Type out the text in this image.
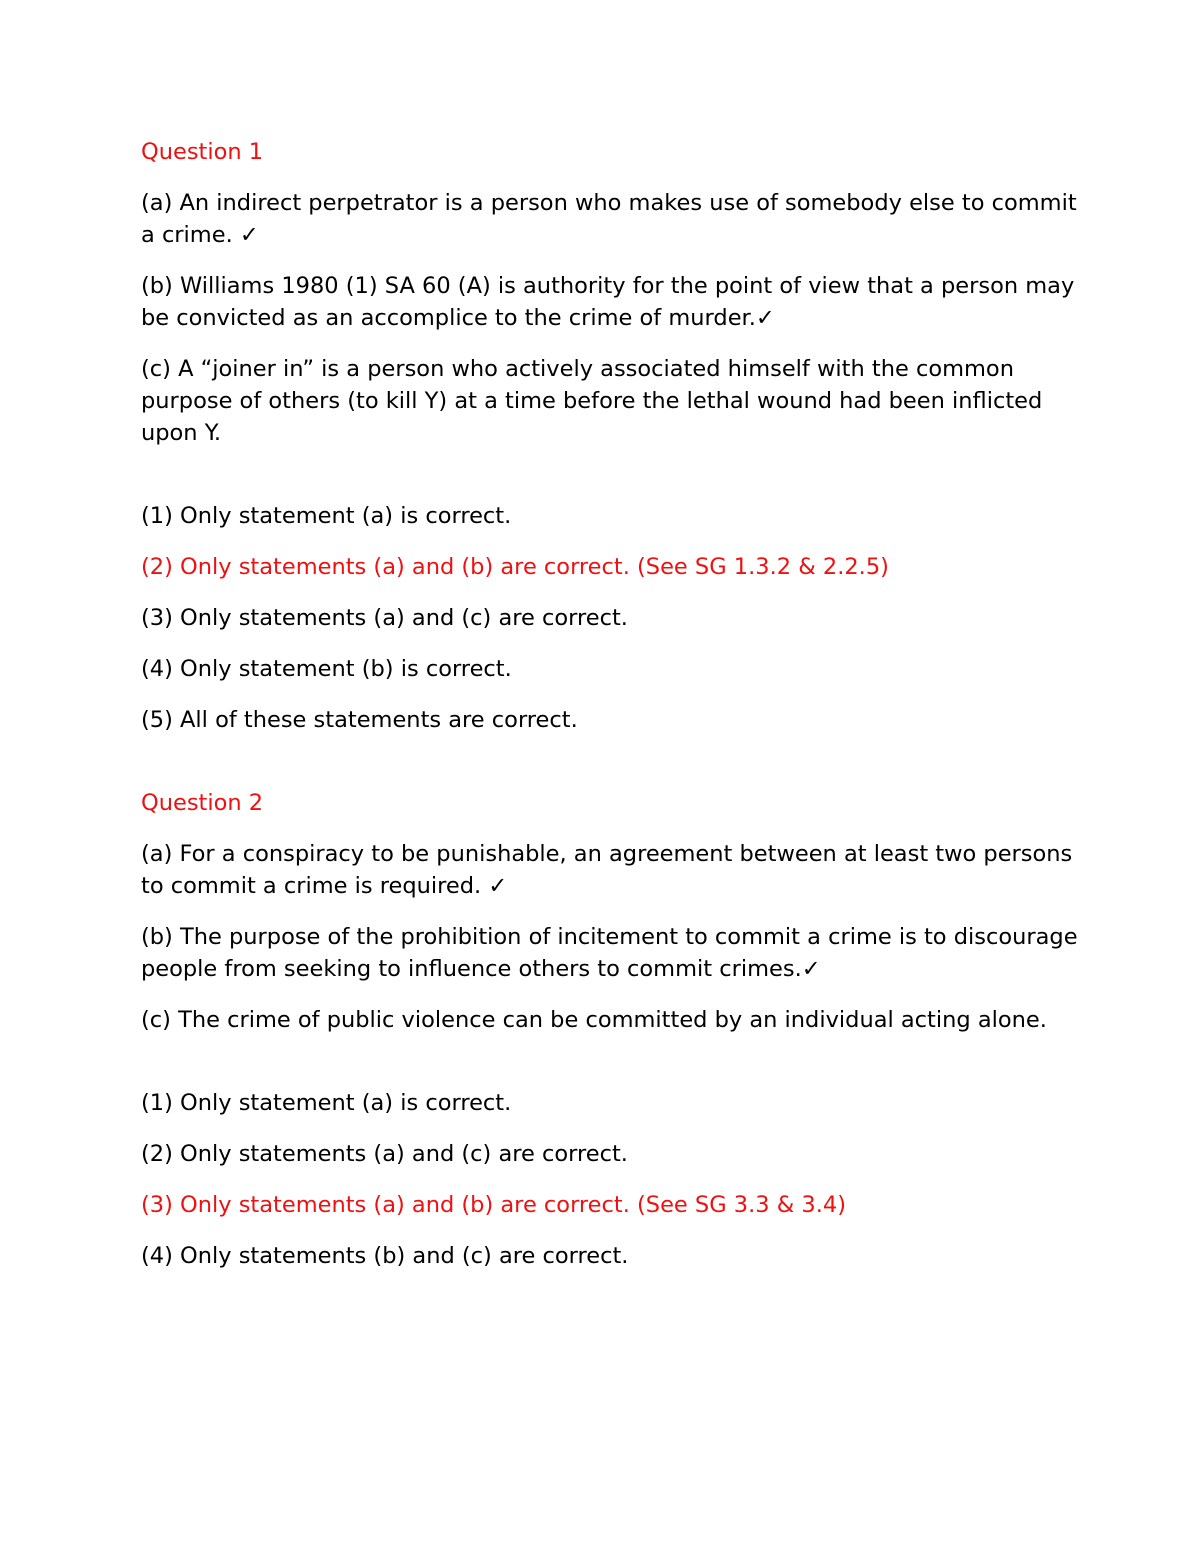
Question 1

(a) An indirect perpetrator is a person who makes use of somebody else to commit a crime. ✓

(b) Williams 1980 (1) SA 60 (A) is authority for the point of view that a person may be convicted as an accomplice to the crime of murder.✓

(c) A “joiner in” is a person who actively associated himself with the common purpose of others (to kill Y) at a time before the lethal wound had been inflicted upon Y.

(1) Only statement (a) is correct.

(2) Only statements (a) and (b) are correct. (See SG 1.3.2 & 2.2.5)

(3) Only statements (a) and (c) are correct.

(4) Only statement (b) is correct.

(5) All of these statements are correct.

Question 2

(a) For a conspiracy to be punishable, an agreement between at least two persons to commit a crime is required. ✓

(b) The purpose of the prohibition of incitement to commit a crime is to discourage people from seeking to influence others to commit crimes.✓

(c) The crime of public violence can be committed by an individual acting alone.

(1) Only statement (a) is correct.

(2) Only statements (a) and (c) are correct.

(3) Only statements (a) and (b) are correct. (See SG 3.3 & 3.4)

(4) Only statements (b) and (c) are correct.
